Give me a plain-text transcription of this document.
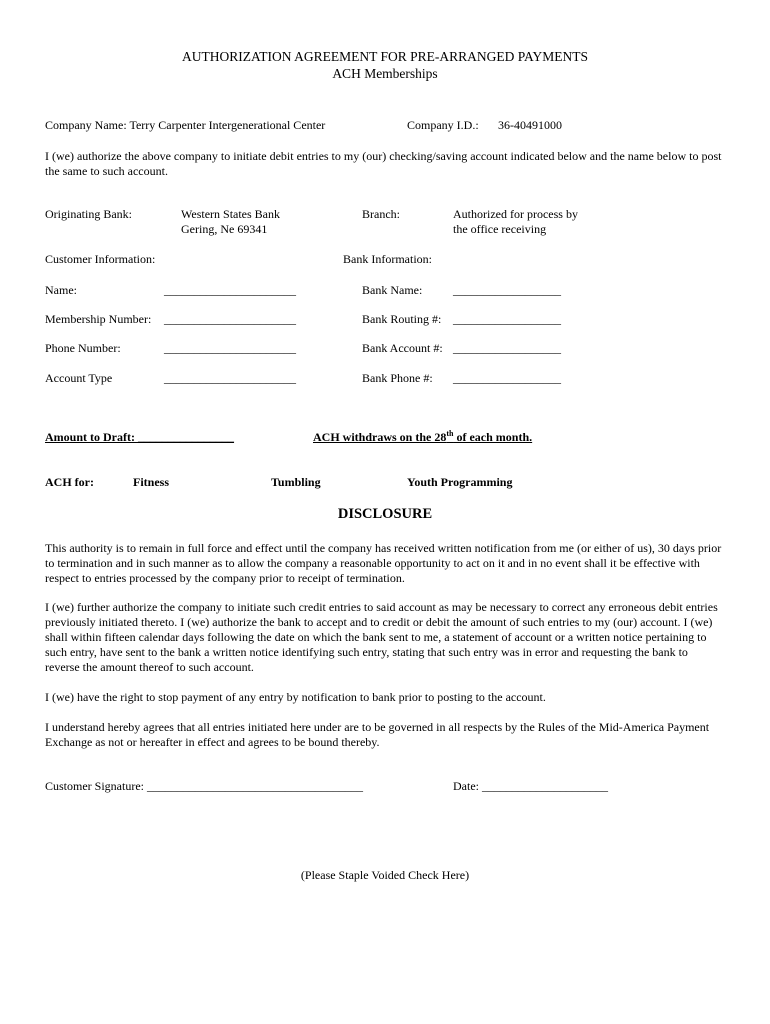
AUTHORIZATION AGREEMENT FOR PRE-ARRANGED PAYMENTS
ACH Memberships
Company Name: Terry Carpenter Intergenerational Center	Company I.D.: 36-40491000
I (we) authorize the above company to initiate debit entries to my (our) checking/saving account indicated below and the name below to post the same to such account.
Originating Bank:	Western States Bank
Gering, Ne 69341
Branch:	Authorized for process by
the office receiving
Customer Information:	Bank Information:
Name:	______________________
Membership Number: ______________________
Phone Number:	______________________
Account Type	______________________
Bank Name:	__________________
Bank Routing #: __________________
Bank Account #: __________________
Bank Phone #: __________________
Amount to Draft: ________________	ACH withdraws on the 28th of each month.
ACH for:	Fitness	Tumbling	Youth Programming
DISCLOSURE
This authority is to remain in full force and effect until the company has received written notification from me (or either of us), 30 days prior to termination and in such manner as to allow the company a reasonable opportunity to act on it and in no event shall it be effective with respect to entries processed by the company prior to receipt of termination.
I (we) further authorize the company to initiate such credit entries to said account as may be necessary to correct any erroneous debit entries previously initiated thereto. I (we) authorize the bank to accept and to credit or debit the amount of such entries to my (our) account. I (we) shall within fifteen calendar days following the date on which the bank sent to me, a statement of account or a written notice pertaining to such entry, have sent to the bank a written notice identifying such entry, stating that such entry was in error and requesting the bank to reverse the amount thereof to such account.
I (we) have the right to stop payment of any entry by notification to bank prior to posting to the account.
I understand hereby agrees that all entries initiated here under are to be governed in all respects by the Rules of the Mid-America Payment Exchange as not or hereafter in effect and agrees to be bound thereby.
Customer Signature: ____________________________________	Date: _____________________
(Please Staple Voided Check Here)
